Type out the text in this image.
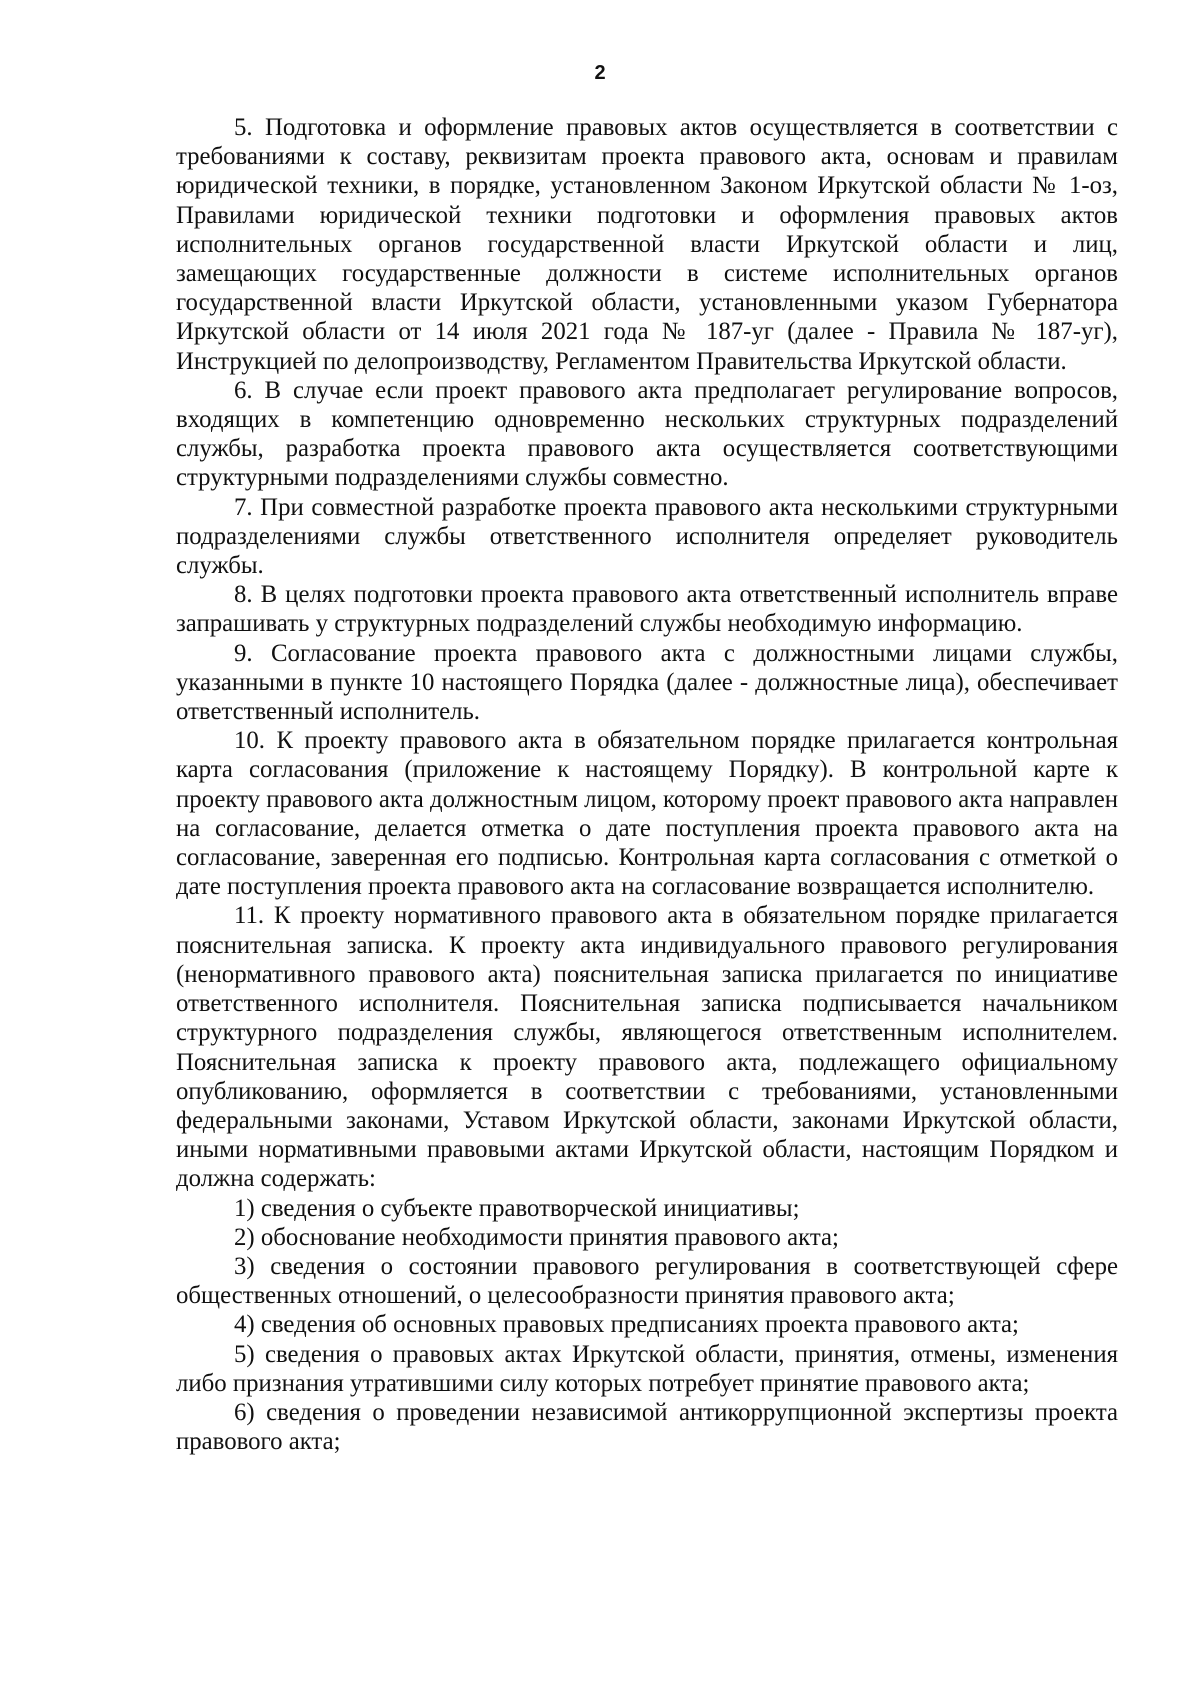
2

5. Подготовка и оформление правовых актов осуществляется в соответствии с требованиями к составу, реквизитам проекта правового акта, основам и правилам юридической техники, в порядке, установленном Законом Иркутской области № 1-оз, Правилами юридической техники подготовки и оформления правовых актов исполнительных органов государственной власти Иркутской области и лиц, замещающих государственные должности в системе исполнительных органов государственной власти Иркутской области, установленными указом Губернатора Иркутской области от 14 июля 2021 года № 187-уг (далее - Правила № 187-уг), Инструкцией по делопроизводству, Регламентом Правительства Иркутской области.

6. В случае если проект правового акта предполагает регулирование вопросов, входящих в компетенцию одновременно нескольких структурных подразделений службы, разработка проекта правового акта осуществляется соответствующими структурными подразделениями службы совместно.

7. При совместной разработке проекта правового акта несколькими структурными подразделениями службы ответственного исполнителя определяет руководитель службы.

8. В целях подготовки проекта правового акта ответственный исполнитель вправе запрашивать у структурных подразделений службы необходимую информацию.

9. Согласование проекта правового акта с должностными лицами службы, указанными в пункте 10 настоящего Порядка (далее - должностные лица), обеспечивает ответственный исполнитель.

10. К проекту правового акта в обязательном порядке прилагается контрольная карта согласования (приложение к настоящему Порядку). В контрольной карте к проекту правового акта должностным лицом, которому проект правового акта направлен на согласование, делается отметка о дате поступления проекта правового акта на согласование, заверенная его подписью. Контрольная карта согласования с отметкой о дате поступления проекта правового акта на согласование возвращается исполнителю.

11. К проекту нормативного правового акта в обязательном порядке прилагается пояснительная записка. К проекту акта индивидуального правового регулирования (ненормативного правового акта) пояснительная записка прилагается по инициативе ответственного исполнителя. Пояснительная записка подписывается начальником структурного подразделения службы, являющегося ответственным исполнителем. Пояснительная записка к проекту правового акта, подлежащего официальному опубликованию, оформляется в соответствии с требованиями, установленными федеральными законами, Уставом Иркутской области, законами Иркутской области, иными нормативными правовыми актами Иркутской области, настоящим Порядком и должна содержать:

1) сведения о субъекте правотворческой инициативы;

2) обоснование необходимости принятия правового акта;

3) сведения о состоянии правового регулирования в соответствующей сфере общественных отношений, о целесообразности принятия правового акта;

4) сведения об основных правовых предписаниях проекта правового акта;

5) сведения о правовых актах Иркутской области, принятия, отмены, изменения либо признания утратившими силу которых потребует принятие правового акта;

6) сведения о проведении независимой антикоррупционной экспертизы проекта правового акта;
